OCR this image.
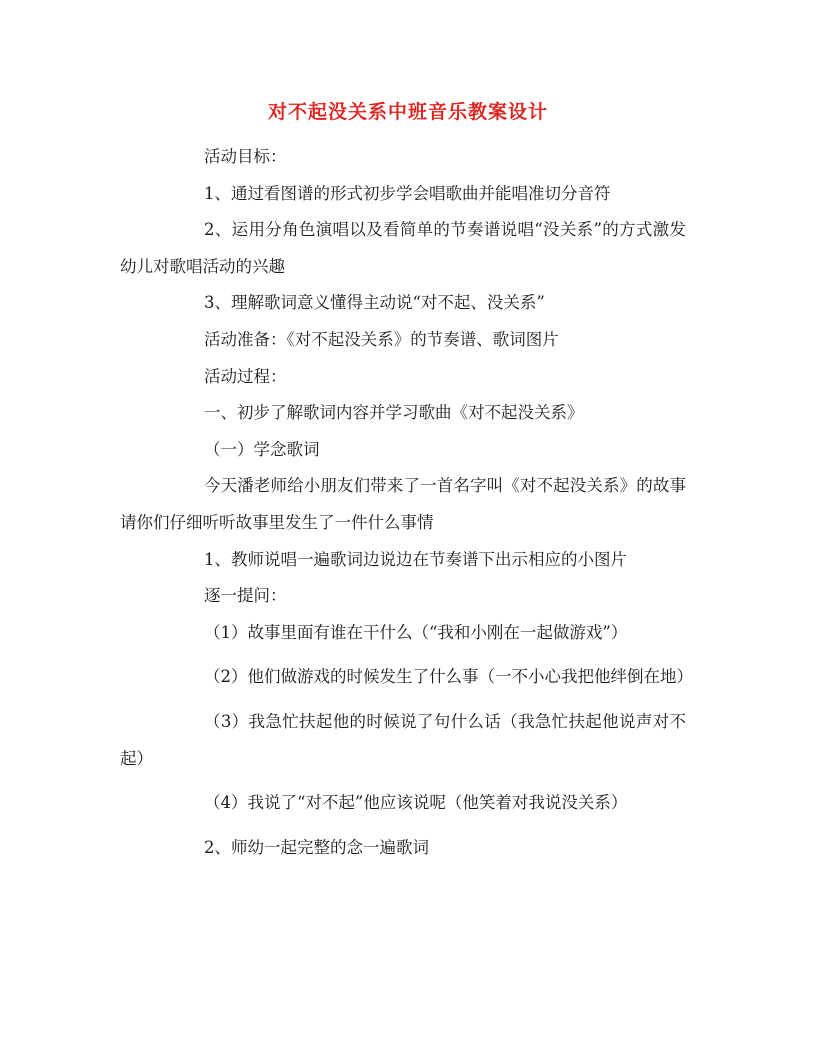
对不起没关系中班音乐教案设计

活动目标：

1、通过看图谱的形式初步学会唱歌曲并能唱准切分音符

2、运用分角色演唱以及看简单的节奏谱说唱“没关系”的方式激发幼儿对歌唱活动的兴趣

3、理解歌词意义懂得主动说“对不起、没关系”

活动准备：《对不起没关系》的节奏谱、歌词图片

活动过程：

一、初步了解歌词内容并学习歌曲《对不起没关系》

（一）学念歌词

今天潘老师给小朋友们带来了一首名字叫《对不起没关系》的故事请你们仔细听听故事里发生了一件什么事情

1、教师说唱一遍歌词边说边在节奏谱下出示相应的小图片

逐一提问：

（1）故事里面有谁在干什么（“我和小刚在一起做游戏”）

（2）他们做游戏的时候发生了什么事（一不小心我把他绊倒在地）

（3）我急忙扶起他的时候说了句什么话（我急忙扶起他说声对不起）

（4）我说了“对不起”他应该说呢（他笑着对我说没关系）

2、师幼一起完整的念一遍歌词
